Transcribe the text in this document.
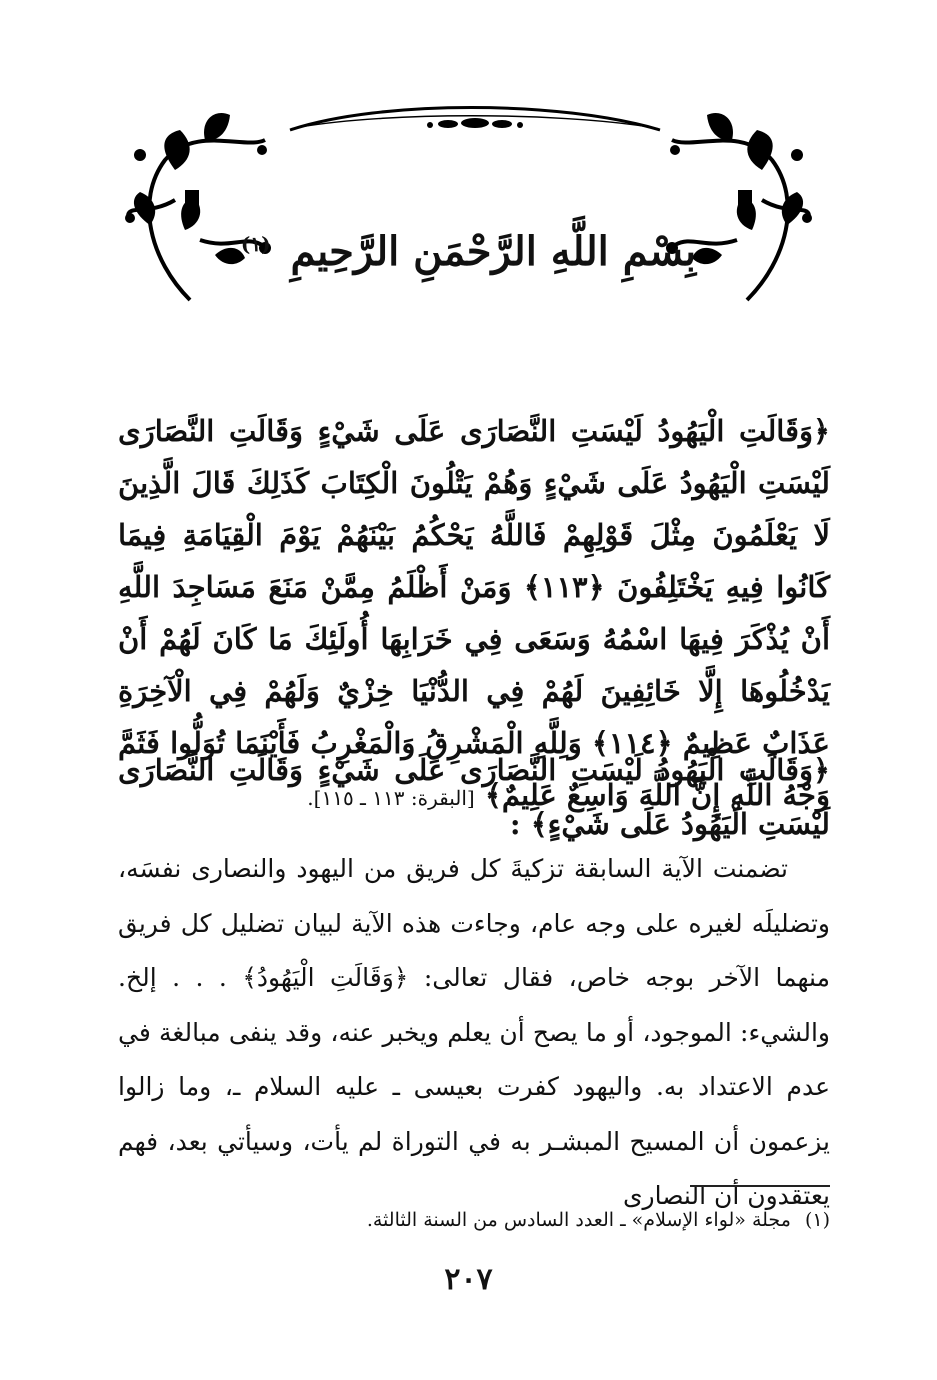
بِسْمِ اللَّهِ الرَّحْمَنِ الرَّحِيمِ $^{(١)}$
﴿وَقَالَتِ الْيَهُودُ لَيْسَتِ النَّصَارَى عَلَى شَيْءٍ وَقَالَتِ النَّصَارَى لَيْسَتِ الْيَهُودُ عَلَى شَيْءٍ وَهُمْ يَتْلُونَ الْكِتَابَ كَذَلِكَ قَالَ الَّذِينَ لَا يَعْلَمُونَ مِثْلَ قَوْلِهِمْ فَاللَّهُ يَحْكُمُ بَيْنَهُمْ يَوْمَ الْقِيَامَةِ فِيمَا كَانُوا فِيهِ يَخْتَلِفُونَ ﴿١١٣﴾ وَمَنْ أَظْلَمُ مِمَّنْ مَنَعَ مَسَاجِدَ اللَّهِ أَنْ يُذْكَرَ فِيهَا اسْمُهُ وَسَعَى فِي خَرَابِهَا أُولَئِكَ مَا كَانَ لَهُمْ أَنْ يَدْخُلُوهَا إِلَّا خَائِفِينَ لَهُمْ فِي الدُّنْيَا خِزْيٌ وَلَهُمْ فِي الْآخِرَةِ عَذَابٌ عَظِيمٌ ﴿١١٤﴾ وَلِلَّهِ الْمَشْرِقُ وَالْمَغْرِبُ فَأَيْنَمَا تُوَلُّوا فَثَمَّ وَجْهُ اللَّهِ إِنَّ اللَّهَ وَاسِعٌ عَلِيمٌ﴾ [البقرة: ١١٣ ـ ١١٥].
﴿وَقَالَتِ الْيَهُودُ لَيْسَتِ النَّصَارَى عَلَى شَيْءٍ وَقَالَتِ النَّصَارَى لَيْسَتِ الْيَهُودُ عَلَى شَيْءٍ﴾ :

تضمنت الآية السابقة تزكيةَ كل فريق من اليهود والنصارى نفسَه، وتضليلَه لغيره على وجه عام، وجاءت هذه الآية لبيان تضليل كل فريق منهما الآخر بوجه خاص، فقال تعالى: ﴿وَقَالَتِ الْيَهُودُ﴾ . . . إلخ. والشيء: الموجود، أو ما يصح أن يعلم ويخبر عنه، وقد ينفى مبالغة في عدم الاعتداد به. واليهود كفرت بعيسى ـ عليه السلام ـ، وما زالوا يزعمون أن المسيح المبشـر به في التوراة لم يأت، وسيأتي بعد، فهم يعتقدون أن النصارى

(١) مجلة «لواء الإسلام» ـ العدد السادس من السنة الثالثة.
٢٠٧
